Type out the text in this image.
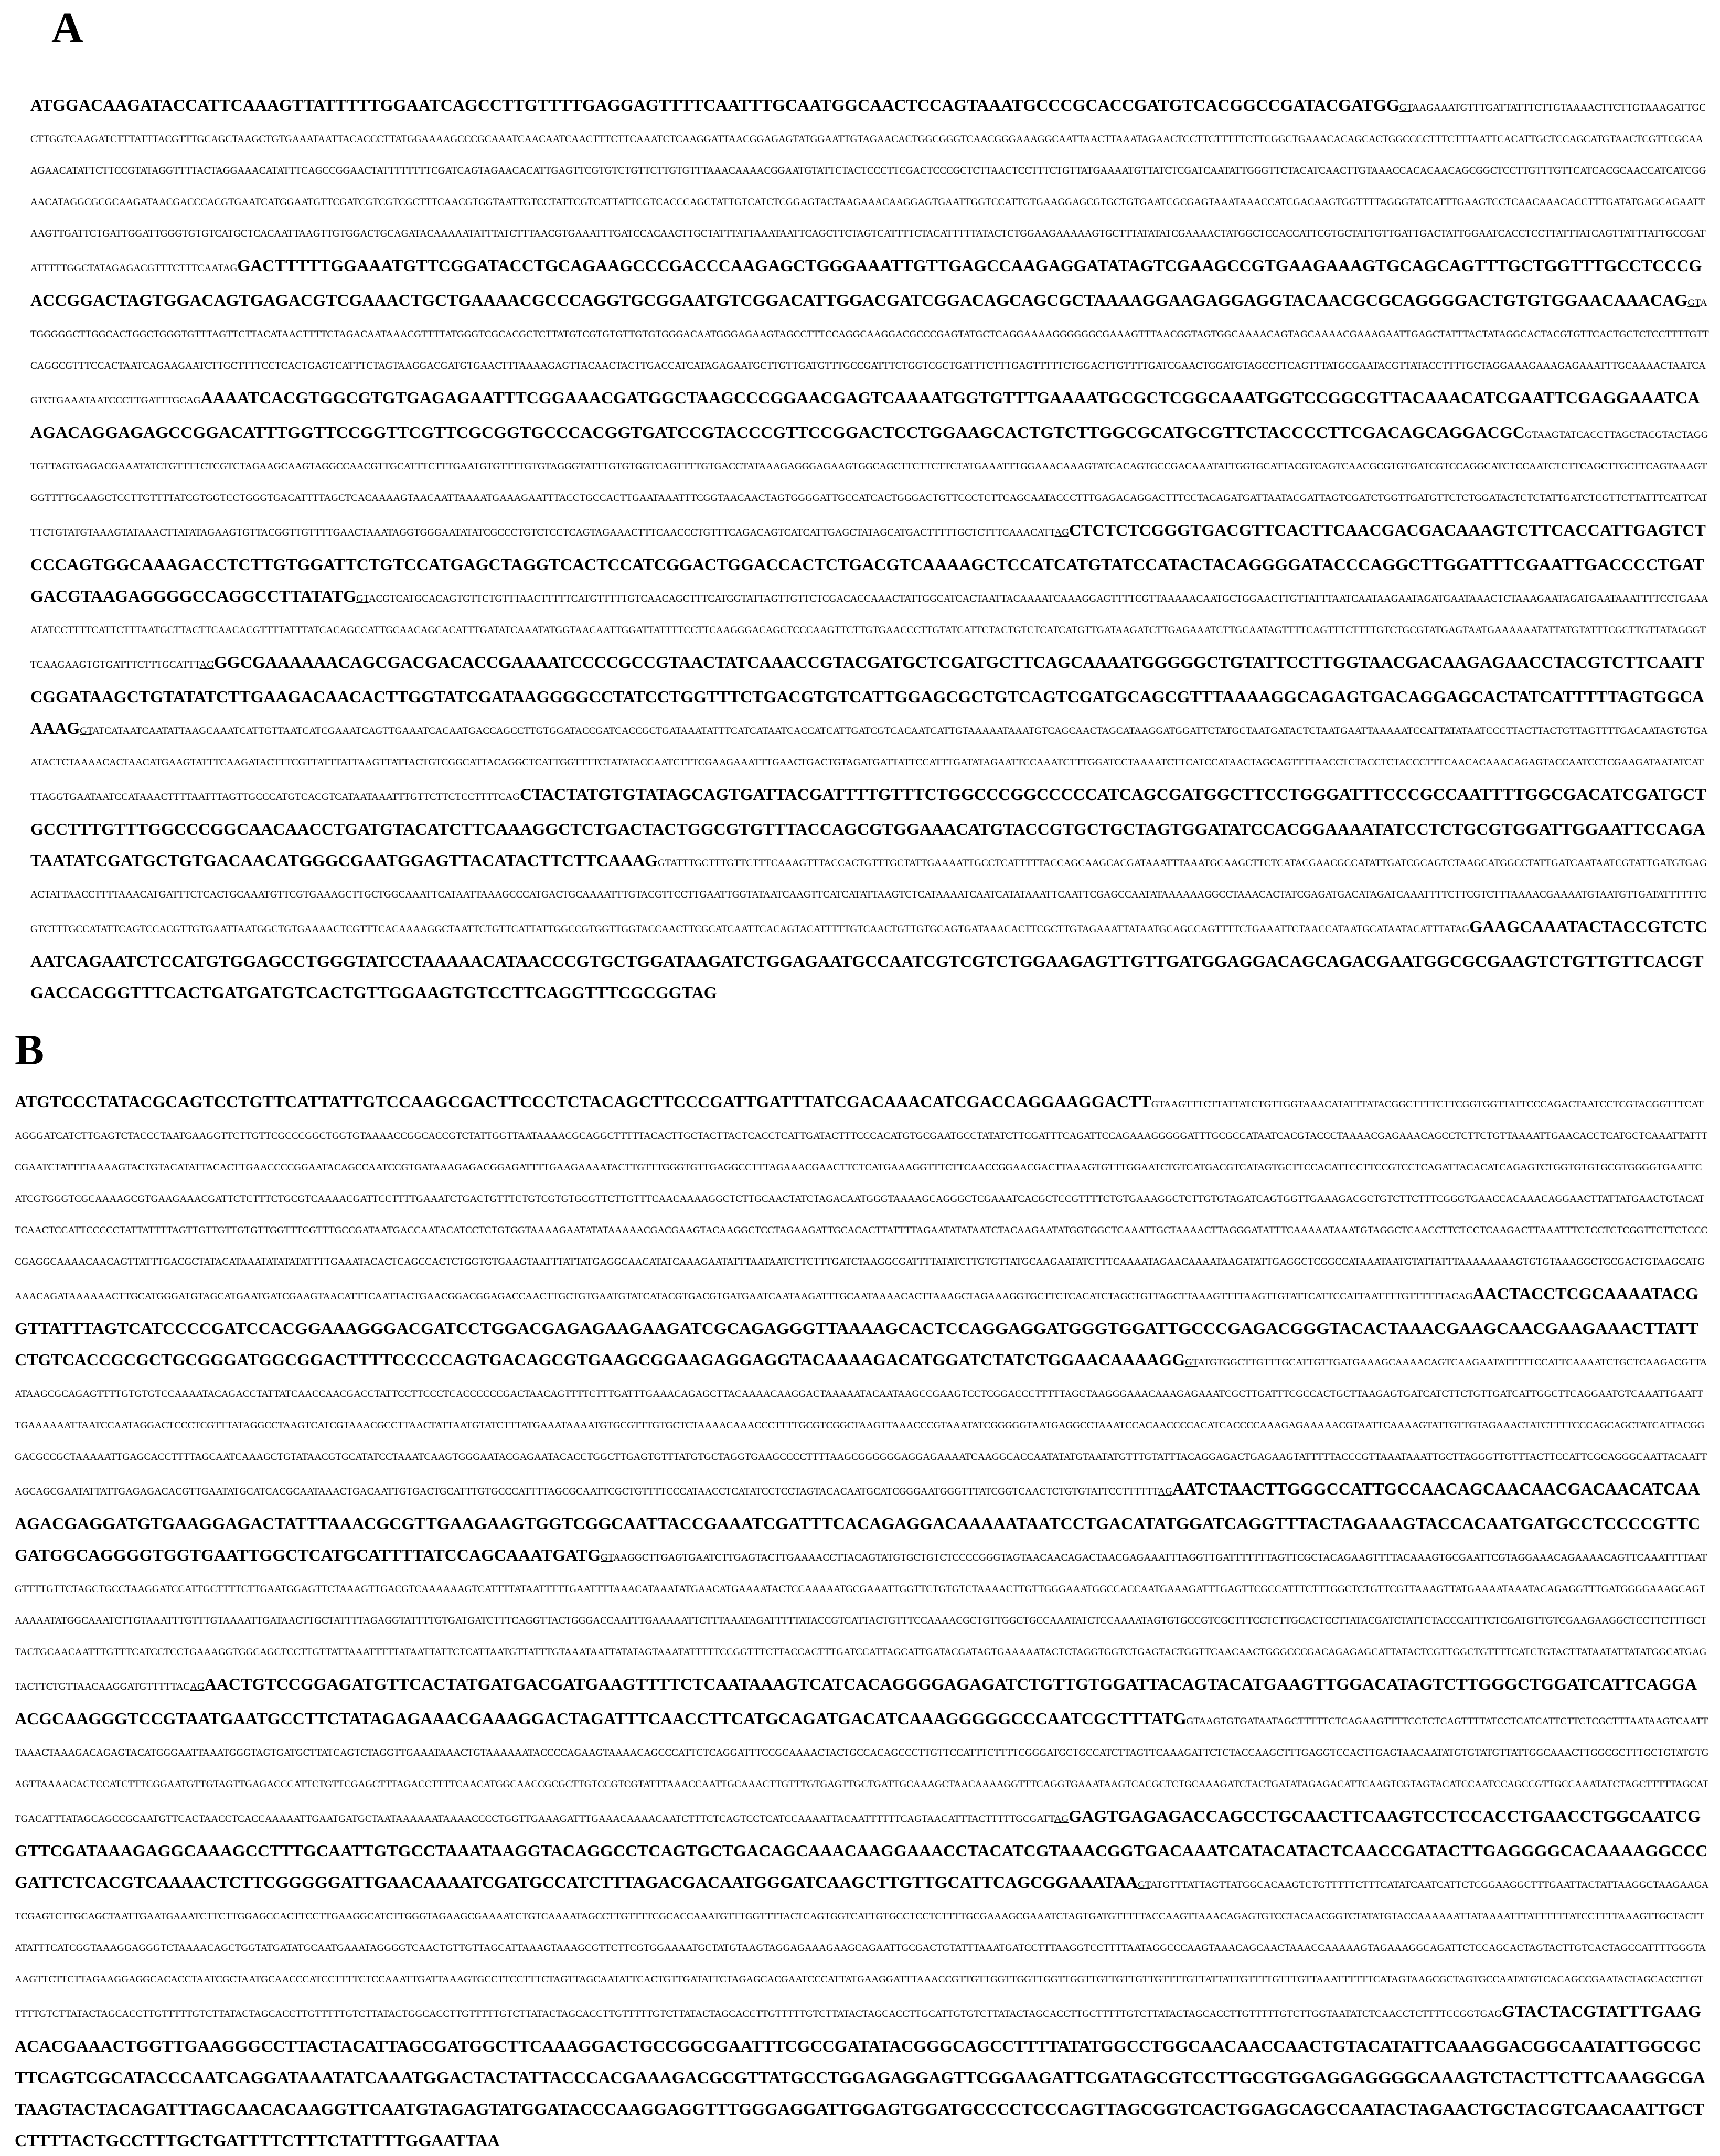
A

ATGGACAAGATACCATTCAAAGTTATTTTTGGAATCAGCCTTGTTTTGAGGAGTTTTCAATTTGCAATGGCAACTCCAGTAAATGCCCGCACCGATGTCACGGCCGATACGATGGGTAAGAAATGTTTGATTATTTCTTGTAAAACTTCTTGTAAAGATTGCCTTGGTCAAGATCTTTATTTACGTTTGCAGCTAAGCTGTGAAATAATTACACCCTTATGGAAAAGCCCGCAAATCAACAATCAACTTTCTTCAAATCTCAAGGATTAACGGAGAGTATGGAATTGTAGAACACTGGCGGGTCAACGGGAAAGGCAATTAACTTAAATAGAACTCCTTCTTTTTCTTCGGCTGAAACACAGCACTGGCCCCTTTCTTTAATTCACATTGCTCCAGCATGTAACTCGTTCGCAAAGAACATATTCTTCCGTATAGGTTTTACTAGGAAACATATTTCAGCCGGAACTATTTTTTTTCGATCAGTAGAACACATTGAGTTCGTGTCTGTTCTTGTGTTTAAACAAAACGGAATGTATTCTACTCCCTTCGACTCCCGCTCTTAACTCCTTTCTGTTATGAAAATGTTATCTCGATCAATATTGGGTTCTACATCAACTTGTAAACCACACAACAGCGGCTCCTTGTTTGTTCATCACGCAACCATCATCGGAACATAGGCGCGCAAGATAACGACCCACGTGAATCATGGAATGTTCGATCGTCGTCGCTTTCAACGTGGTAATTGTCCTATTCGTCATTATTCGTCACCCAGCTATTGTCATCTCGGAGTACTAAGAAACAAGGAGTGAATTGGTCCATTGTGAAGGAGCGTGCTGTGAATCGCGAGTAAATAAACCATCGACAAGTGGTTTTAGGGTATCATTTGAAGTCCTCAACAAACACCTTTGATATGAGCAGAATTAAGTTGATTCTGATTGGATTGGGTGTGTCATGCTCACAATTAAGTTGTGGACTGCAGATACAAAAATATTTATCTTTAACGTGAAATTTGATCCACAACTTGCTATTTATTAAATAATTCAGCTTCTAGTCATTTTCTACATTTTTATACTCTGGAAGAAAAAGTGCTTTATATATCGAAAACTATGGCTCCACCATTCGTGCTATTGTTGATTGACTATTGGAATCACCTCCTTATTTATCAGTTATTTATTGCCGATATTTTTGGCTATAGAGACGTTTCTTTCAATAGGACTTTTTGGAAATGTTCGGATACCTGCAGAAGCCCGACCCAAGAGCTGGGAAATTGTTGAGCCAAGAGGATATAGTCGAAGCCGTGAAGAAAGTGCAGCAGTTTGCTGGTTTGCCTCCCGACCGGACTAGTGGACAGTGAGACGTCGAAACTGCTGAAAACGCCCAGGTGCGGAATGTCGGACATTGGACGATCGGACAGCAGCGCTAAAAGGAAGAGGAGGTACAACGCGCAGGGGACTGTGTGGAACAAACAGGTATGGGGGCTTGGCACTGGCTGGGTGTTTAGTTCTTACATAACTTTTCTAGACAATAAACGTTTTATGGGTCGCACGCTCTTATGTCGTGTGTTGTGTGGGACAATGGGAGAAGTAGCCTTTCCAGGCAAGGACGCCCGAGTATGCTCAGGAAAAGGGGGGCGAAAGTTTAACGGTAGTGGCAAAACAGTAGCAAAACGAAAGAATTGAGCTATTTACTATAGGCACTACGTGTTCACTGCTCTCCTTTTGTTCAGGCGTTTCCACTAATCAGAAGAATCTTGCTTTTCCTCACTGAGTCATTTCTAGTAAGGACGATGTGAACTTTAAAAGAGTTACAACTACTTGACCATCATAGAGAATGCTTGTTGATGTTTGCCGATTTCTGGTCGCTGATTTCTTTGAGTTTTTCTGGACTTGTTTTGATCGAACTGGATGTAGCCTTCAGTTTATGCGAATACGTTATACCTTTTGCTAGGAAAGAAAGAGAAATTTGCAAAACTAATCAGTCTGAAATAATCCCTTGATTTGCAGAAAATCACGTGGCGTGTGAGAGAATTTCGGAAACGATGGCTAAGCCCGGAACGAGTCAAAATGGTGTTTGAAAATGCGCTCGGCAAATGGTCCGGCGTTACAAACATCGAATTCGAGGAAATCAAGACAGGAGAGCCGGACATTTGGTTCCGGTTCGTTCGCGGTGCCCACGGTGATCCGTACCCGTTCCGGACTCCTGGAAGCACTGTCTTGGCGCATGCGTTCTACCCCTTCGACAGCAGGACGCGTAAGTATCACCTTAGCTACGTACTAGGTGTTAGTGAGACGAAATATCTGTTTTCTCGTCTAGAAGCAAGTAGGCCAACGTTGCATTTCTTTGAATGTGTTTTGTGTAGGGTATTTGTGTGGTCAGTTTTGTGACCTATAAAGAGGGAGAAGTGGCAGCTTCTTCTTCTATGAAATTTGGAAACAAAGTATCACAGTGCCGACAAATATTGGTGCATTACGTCAGTCAACGCGTGTGATCGTCCAGGCATCTCCAATCTCTTCAGCTTGCTTCAGTAAAGTGGTTTTGCAAGCTCCTTGTTTTATCGTGGTCCTGGGTGACATTTTAGCTCACAAAAGTAACAATTAAAATGAAAGAATTTACCTGCCACTTGAATAAATTTCGGTAACAACTAGTGGGGATTGCCATCACTGGGACTGTTCCCTCTTCAGCAATACCCTTTGAGACAGGACTTTCCTACAGATGATTAATACGATTAGTCGATCTGGTTGATGTTCTCTGGATACTCTCTATTGATCTCGTTCTTATTTCATTCATTTCTGTATGTAAAGTATAAACTTATATAGAAGTGTTACGGTTGTTTTGAACTAAATAGGTGGGAATATATCGCCCTGTCTCCTCAGTAGAAACTTTCAACCCTGTTTCAGACAGTCATCATTGAGCTATAGCATGACTTTTTGCTCTTTCAAACATTAGCTCTCTCGGGTGACGTTCACTTCAACGACGACAAAGTCTTCACCATTGAGTCTCCCAGTGGCAAAGACCTCTTGTGGATTCTGTCCATGAGCTAGGTCACTCCATCGGACTGGACCACTCTGACGTCAAAAGCTCCATCATGTATCCATACTACAGGGGATACCCAGGCTTGGATTTCGAATTGACCCCTGATGACGTAAGAGGGGCCAGGCCTTATATGGTACGTCATGCACAGTGTTCTGTTTAACTTTTTCATGTTTTTGTCAACAGCTTTCATGGTATTAGTTGTTCTCGACACCAAACTATTGGCATCACTAATTACAAAATCAAAGGAGTTTTCGTTAAAAACAATGCTGGAACTTGTTATTTAATCAATAAGAATAGATGAATAAACTCTAAAGAATAGATGAATAAATTTTCCTGAAAATATCCTTTTCATTCTTTAATGCTTACTTCAACACGTTTTATTTATCACAGCCATTGCAACAGCACATTTGATATCAAATATGGTAACAATTGGATTATTTTCCTTCAAGGGACAGCTCCCAAGTTCTTGTGAACCCTTGTATCATTCTACTGTCTCATCATGTTGATAAGATCTTGAGAAATCTTGCAATAGTTTTCAGTTTCTTTTGTCTGCGTATGAGTAATGAAAAAATATTATGTATTTCGCTTGTTATAGGGTTCAAGAAGTGTGATTTCTTTGCATTTAGGGCGAAAAAACAGCGACGACACCGAAAATCCCCGCCGTAACTATCAAACCGTACGATGCTCGATGCTTCAGCAAAATGGGGGCTGTATTCCTTGGTAACGACAAGAGAACCTACGTCTTCAATTCGGATAAGCTGTATATCTTGAAGACAACACTTGGTATCGATAAGGGGCCTATCCTGGTTTCTGACGTGTCATTGGAGCGCTGTCAGTCGATGCAGCGTTTAAAAGGCAGAGTGACAGGAGCACTATCATTTTTAGTGGCAAAAGGTATCATAATCAATATTAAGCAAATCATTGTTAATCATCGAAATCAGTTGAAATCACAATGACCAGCCTTGTGGATACCGATCACCGCTGATAAATATTTCATCATAATCACCATCATTGATCGTCACAATCATTGTAAAAATAAATGTCAGCAACTAGCATAAGGATGGATTCTATGCTAATGATACTCTAATGAATTAAAAATCCATTATATAATCCCTTACTTACTGTTAGTTTTGACAATAGTGTGAATACTCTAAAACACTAACATGAAGTATTTCAAGATACTTTCGTTATTTATTAAGTTATTACTGTCGGCATTACAGGCTCATTGGTTTTCTATATACCAATCTTTCGAAGAAATTTGAACTGACTGTAGATGATTATTCCATTTGATATAGAATTCCAAATCTTTGGATCCTAAAATCTTCATCCATAACTAGCAGTTTTAACCTCTACCTCTACCCTTTCAACACAAACAGAGTACCAATCCTCGAAGATAATATCATTTAGGTGAATAATCCATAAACTTTTAATTTAGTTGCCCATGTCACGTCATAATAAATTTGTTCTTCTCCTTTTCAGCTACTATGTGTATAGCAGTGATTACGATTTTGTTTCTGGCCCGGCCCCCATCAGCGATGGCTTCCTGGGATTTCCCGCCAATTTTGGCGACATCGATGCTGCCTTTGTTTGGCCCGGCAACAACCTGATGTACATCTTCAAAGGCTCTGACTACTGGCGTGTTTACCAGCGTGGAAACATGTACCGTGCTGCTAGTGGATATCCACGGAAAATATCCTCTGCGTGGATTGGAATTCCAGATAATATCGATGCTGTGACAACATGGGCGAATGGAGTTACATACTTCTTCAAAGGTATTTGCTTTGTTCTTTCAAAGTTTACCACTGTTTGCTATTGAAAATTGCCTCATTTTTACCAGCAAGCACGATAAATTTAAATGCAAGCTTCTCATACGAACGCCATATTGATCGCAGTCTAAGCATGGCCTATTGATCAATAATCGTATTGATGTGAGACTATTAACCTTTTAAACATGATTTCTCACTGCAAATGTTCGTGAAAGCTTGCTGGCAAATTCATAATTAAAGCCCATGACTGCAAAATTTGTACGTTCCTTGAATTGGTATAATCAAGTTCATCATATTAAGTCTCATAAAATCAATCATATAAATTCAATTCGAGCCAATATAAAAAAGGCCTAAACACTATCGAGATGACATAGATCAAATTTTCTTCGTCTTTAAAACGAAAATGTAATGTTGATATTTTTTCGTCTTTGCCATATTCAGTCCACGTTGTGAATTAATGGCTGTGAAAACTCGTTTCACAAAAGGCTAATTCTGTTCATTATTGGCCGTGGTTGGTACCAACTTCGCATCAATTCACAGTACATTTTTGTCAACTGTTGTGCAGTGATAAACACTTCGCTTGTAGAAATTATAATGCAGCCAGTTTTCTGAAATTCTAACCATAATGCATAATACATTTATAGGAAGCAAATACTACCGTCTCAATCAGAATCTCCATGTGGAGCCTGGGTATCCTAAAAACATAACCCGTGCTGGATAAGATCTGGAGAATGCCAATCGTCGTCTGGAAGAGTTGTTGATGGAGGACAGCAGACGAATGGCGCGAAGTCTGTTGTTCACGTGACCACGGTTTCACTGATGATGTCACTGTTGGAAGTGTCCTTCAGGTTTCGCGGTAG

B

ATGTCCCTATACGCAGTCCTGTTCATTATTGTCCAAGCGACTTCCCTCTACAGCTTCCCGATTGATTTATCGACAAACATCGACCAGGAAGGACTTGTAAGTTTCTTATTATCTGTTGGTAAACATATTTATACGGCTTTTCTTCGGTGGTTATTCCCAGACTAATCCTCGTACGGTTTCATAGGGATCATCTTGAGTCTACCCTAATGAAGGTTCTTGTTCGCCCGGCTGGTGTAAAACCGGCACCGTCTATTGGTTAATAAAACGCAGGCTTTTTACACTTGCTACTTACTCACCTCATTGATACTTTCCCACATGTGCGAATGCCTATATCTTCGATTTCAGATTCCAGAAAGGGGGATTTGCGCCATAATCACGTACCCTAAAACGAGAAACAGCCTCTTCTGTTAAAATTGAACACCTCATGCTCAAATTATTTCGAATCTATTTTAAAAGTACTGTACATATTACACTTGAACCCCGGAATACAGCCAATCCGTGATAAAGAGACGGAGATTTTGAAGAAAATACTTGTTTGGGTGTTGAGGCCTTTAGAAACGAACTTCTCATGAAAGGTTTCTTCAACCGGAACGACTTAAAGTGTTTGGAATCTGTCATGACGTCATAGTGCTTCCACATTCCTTCCGTCCTCAGATTACACATCAGAGTCTGGTGTGTGCGTGGGGTGAATTCATCGTGGGTCGCAAAAGCGTGAAGAAACGATTCTCTTTCTGCGTCAAAACGATTCCTTTTGAAATCTGACTGTTTCTGTCGTGTGCGTTCTTGTTTCAACAAAAGGCTCTTGCAACTATCTAGACAATGGGTAAAAGCAGGGCTCGAAATCACGCTCCGTTTTCTGTGAAAGGCTCTTGTGTAGATCAGTGGTTGAAAGACGCTGTCTTCTTTCGGGTGAACCACAAACAGGAACTTATTATGAACTGTACATTCAACTCCATTCCCCCTATTATTTTAGTTGTTGTTGTGTTGGTTTCGTTTGCCGATAATGACCAATACATCCTCTGTGGTAAAAGAATATATAAAAACGACGAAGTACAAGGCTCCTAGAAGATTGCACACTTATTTTAGAATATATAATCTACAAGAATATGGTGGCTCAAATTGCTAAAACTTAGGGATATTTCAAAAATAAATGTAGGCTCAACCTTCTCCTCAAGACTTAAATTTCTCCTCTCGGTTCTTCTCCCCGAGGCAAAACAACAGTTATTTGACGCTATACATAAATATATATATTTTGAAATACACTCAGCCACTCTGGTGTGAAGTAATTTATTATGAGGCAACATATCAAAGAATATTTAATAATCTTCTTTGATCTAAGGCGATTTTATATCTTGTGTTATGCAAGAATATCTTTCAAAATAGAACAAAATAAGATATTGAGGCTCGGCCATAAATAATGTATTATTTAAAAAAAAGTGTGTAAAGGCTGCGACTGTAAGCATGAAACAGATAAAAAACTTGCATGGGATGTAGCATGAATGATCGAAGTAACATTTCAATTACTGAACGGACGGAGACCAACTTGCTGTGAATGTATCATACGTGACGTGATGAATCAATAAGATTTGCAATAAAACACTTAAAGCTAGAAAGGTGCTTCTCACATCTAGCTGTTAGCTTAAAGTTTTAAGTTGTATTCATTCCATTAATTTTGTTTTTTACAGAACTACCTCGCAAAATACGGTTATTTAGTCATCCCCGATCCACGGAAAGGGACGATCCTGGACGAGAGAAGAAGATCGCAGAGGGTTAAAAGCACTCCAGGAGGATGGGTGGATTGCCCGAGACGGGTACACTAAACGAAGCAACGAAGAAACTTATTCTGTCACCGCGCTGCGGGATGGCGGACTTTTCCCCCAGTGACAGCGTGAAGCGGAAGAGGAGGTACAAAAGACATGGATCTATCTGGAACAAAAGGGTATGTGGCTTGTTTGCATTGTTGATGAAAGCAAAACAGTCAAGAATATTTTTCCATTCAAAATCTGCTCAAGACGTTAATAAGCGCAGAGTTTTGTGTGTCCAAAATACAGACCTATTATCAACCAACGACCTATTCCTTCCCTCACCCCCCGACTAACAGTTTTCTTTGATTTGAAACAGAGCTTACAAAACAAGGACTAAAAATACAATAAGCCGAAGTCCTCGGACCCTTTTTAGCTAAGGGAAACAAAGAGAAATCGCTTGATTTCGCCACTGCTTAAGAGTGATCATCTTCTGTTGATCATTGGCTTCAGGAATGTCAAATTGAATTTGAAAAAATTAATCCAATAGGACTCCCTCGTTTATAGGCCTAAGTCATCGTAAACGCCTTAACTATTAATGTATCTTTATGAAATAAAATGTGCGTTTGTGCTCTAAAACAAACCCTTTTGCGTCGGCTAAGTTAAACCCGTAAATATCGGGGGTAATGAGGCCTAAATCCACAACCCCACATCACCCCAAAGAGAAAAACGTAATTCAAAAGTATTGTTGTAGAAACTATCTTTTCCCAGCAGCTATCATTACGGGACGCCGCTAAAAATTGAGCACCTTTTAGCAATCAAAGCTGTATAACGTGCATATCCTAAATCAAGTGGGAATACGAGAATACACCTGGCTTGAGTGTTTATGTGCTAGGTGAAGCCCCTTTTAAGCGGGGGGAGGAGAAAATCAAGGCACCAATATATGTAATATGTTTGTATTTACAGGAGACTGAGAAGTATTTTTACCCGTTAAATAAATTGCTTAGGGTTGTTTACTTCCATTCGCAGGGCAATTACAATTAGCAGCGAATATTATTGAGAGACACGTTGAATATGCATCACGCAATAAACTGACAATTGTGACTGCATTTGTGCCCATTTTAGCGCAATTCGCTGTTTTCCCATAACCTCATATCCTCCTAGTACACAATGCATCGGGAATGGGTTTATCGGTCAACTCTGTGTATTCCTTTTTTAGAATCTAACTTGGGCCATTGCCAACAGCAACAACGACAACATCAAAGACGAGGATGTGAAGGAGACTATTTAAACGCGTTGAAGAAGTGGTCGGCAATTACCGAAATCGATTTCACAGAGGACAAAAATAATCCTGACATATGGATCAGGTTTACTAGAAAGTACCACAATGATGCCTCCCCGTTCGATGGCAGGGGTGGTGAATTGGCTCATGCATTTTATCCAGCAAATGATGGTAAGGCTTGAGTGAATCTTGAGTACTTGAAAACCTTACAGTATGTGCTGTCTCCCCGGGTAGTAACAACAGACTAACGAGAAATTTAGGTTGATTTTTTTAGTTCGCTACAGAAGTTTTACAAAGTGCGAATTCGTAGGAAACAGAAAACAGTTCAAATTTTAATGTTTTGTTCTAGCTGCCTAAGGATCCATTGCTTTTCTTGAATGGAGTTCTAAAGTTGACGTCAAAAAAGTCATTTTATAATTTTTGAATTTTAAACATAAATATGAACATGAAAATACTCCAAAAATGCGAAATTGGTTCTGTGTCTAAAACTTGTTGGGAAATGGCCACCAATGAAAGATTTGAGTTCGCCATTTCTTTGGCTCTGTTCGTTAAAGTTATGAAAATAAATACAGAGGTTTGATGGGGAAAGCAGTAAAAATATGGCAAATCTTGTAAATTTGTTTGTAAAATTGATAACTTGCTATTTTAGAGGTATTTTGTGATGATCTTTCAGGTTACTGGGACCAATTTGAAAAATTCTTTAAATAGATTTTTATACCGTCATTACTGTTTCCAAAACGCTGTTGGCTGCCAAATATCTCCAAAATAGTGTGCCGTCGCTTTCCTCTTGCACTCCTTATACGATCTATTCTACCCATTTCTCGATGTTGTCGAAGAAGGCTCCTTCTTTGCTTACTGCAACAATTTGTTTCATCCTCCTGAAAGGTGGCAGCTCCTTGTTATTAAATTTTTATAATTATTCTCATTAATGTTATTTGTAAATAATTATATAGTAAATATTTTTCCGGTTTCTTACCACTTTGATCCATTAGCATTGATACGATAGTGAAAAATACTCTAGGTGGTCTGAGTACTGGTTCAACAACTGGGCCCGACAGAGAGCATTATACTCGTTGGCTGTTTTCATCTGTACTTATAATATTATATGGCATGAGTACTTCTGTTAACAAGGATGTTTTTACAGAACTGTCCGGAGATGTTCACTATGATGACGATGAAGTTTTCTCAATAAAGTCATCACAGGGGAGAGATCTGTTGTGGATTACAGTACATGAAGTTGGACATAGTCTTGGGCTGGATCATTCAGGAACGCAAGGGTCCGTAATGAATGCCTTCTATAGAGAAACGAAAGGACTAGATTTCAACCTTCATGCAGATGACATCAAAGGGGGCCCAATCGCTTTATGGTAAGTGTGATAATAGCTTTTTCTCAGAAGTTTTCCTCTCAGTTTTATCCTCATCATTCTTCTCGCTTTAATAAGTCAATTTAAACTAAAGACAGAGTACATGGGAATTAAATGGGTAGTGATGCTTATCAGTCTAGGTTGAAATAAACTGTAAAAAATACCCCAGAAGTAAAACAGCCCATTCTCAGGATTTCCGCAAAACTACTGCCACAGCCCTTGTTCCATTTCTTTTCGGGATGCTGCCATCTTAGTTCAAAGATTCTCTACCAAGCTTTGAGGTCCACTTGAGTAACAATATGTGTATGTTATTGGCAAACTTGGCGCTTTGCTGTATGTGAGTTAAAACACTCCATCTTTCGGAATGTTGTAGTTGAGACCCATTCTGTTCGAGCTTTAGACCTTTTCAACATGGCAACCGCGCTTGTCCGTCGTATTTAAACCAATTGCAAACTTGTTTGTGAGTTGCTGATTGCAAAGCTAACAAAAGGTTTCAGGTGAAATAAGTCACGCTCTGCAAAGATCTACTGATATAGAGACATTCAAGTCGTAGTACATCCAATCCAGCCGTTGCCAAATATCTAGCTTTTTAGCATTGACATTTATAGCAGCCGCAATGTTCACTAACCTCACCAAAAATTGAATGATGCTAATAAAAAATAAAACCCCTGGTTGAAAGATTTGAAACAAAACAATCTTTCTCAGTCCTCATCCAAAATTACAATTTTTTCAGTAACATTTACTTTTTGCGATTAGGAGTGAGAGACCAGCCTGCAACTTCAAGTCCTCCACCTGAACCTGGCAATCGGTTCGATAAAGAGGCAAAGCCTTTGCAATTGTGCCTAAATAAGGTACAGGCCTCAGTGCTGACAGCAAACAAGGAAACCTACATCGTAAACGGTGACAAATCATACATACTCAACCGATACTTGAGGGGCACAAAAGGCCCGATTCTCACGTCAAAACTCTTCGGGGGATTGAACAAAATCGATGCCATCTTTAGACGACAATGGGATCAAGCTTGTTGCATTCAGCGGAAATAAGTATGTTTATTAGTTATGGCACAAGTCTGTTTTTCTTTCATATCAATCATTCTCGGAAGGCTTTGAATTACTATTAAGGCTAAGAAGATCGAGTCTTGCAGCTAATTGAATGAAATCTTCTTGGAGCCACTTCCTTGAAGGCATCTTGGGTAGAAGCGAAAATCTGTCAAAATAGCCTTGTTTTCGCACCAAATGTTTGGTTTTACTCAGTGGTCATTGTGCCTCCTCTTTTGCGAAAGCGAAATCTAGTGATGTTTTTACCAAGTTAAACAGAGTGTCCTACAACGGTCTATATGTACCAAAAAATTATAAAATTTATTTTTTATCCTTTTAAAGTTGCTACTTATATTTCATCGGTAAAGGAGGGTCTAAAACAGCTGGTATGATATGCAATGAAATAGGGGTCAACTGTTGTTAGCATTAAAGTAAAGCGTTCTTCGTGGAAAATGCTATGTAAGTAGGAGAAAGAAGCAGAATTGCGACTGTATTTAAATGATCCTTTAAGGTCCTTTTAATAGGCCCAAGTAAACAGCAACTAAACCAAAAAGTAGAAAGGCAGATTCTCCAGCACTAGTACTTGTCACTAGCCATTTTGGGTAAAGTTCTTCTTAGAAGGAGGCACACCTAATCGCTAATGCAACCCATCCTTTTCTCCAAATTGATTAAAGTGCCTTCCTTTCTAGTTAGCAATATTCACTGTTGATATTCTAGAGCACGAATCCCATTATGAAGGATTTAAACCGTTGTTGGTTGGTTGGTTGGTTGTTGTTGTTGTTTTGTTATTATTGTTTTGTTTGTTAAATTTTTTCATAGTAAGCGCTAGTGCCAATATGTCACAGCCGAATACTAGCACCTTGTTTTTGTCTTATACTAGCACCTTGTTTTTGTCTTATACTAGCACCTTGTTTTTGTCTTATACTGGCACCTTGTTTTTGTCTTATACTAGCACCTTGTTTTTGTCTTATACTAGCACCTTGTTTTTGTCTTATACTAGCACCTTGCATTGTGTCTTATACTAGCACCTTGCTTTTTGTCTTATACTAGCACCTTGTTTTTGTCTTGGTAATATCTCAACCTCTTTTCCGGTGAGGTACTACGTATTTGAAGACACGAAACTGGTTGAAGGGCCTTACTACATTAGCGATGGCTTCAAAGGACTGCCGGCGAATTTCGCCGATATACGGGCAGCCTTTTATATGGCCTGGCAACAACCAACTGTACATATTCAAAGGACGGCAATATTGGCGCTTCAGTCGCATACCCAATCAGGATAAATATCAAATGGACTACTATTACCCACGAAAGACGCGTTATGCCTGGAGAGGAGTTCGGAAGATTCGATAGCGTCCTTGCGTGGAGGAGGGGCAAAGTCTACTTCTTCAAAGGCGATAAGTACTACAGATTTAGCAACACAAGGTTCAATGTAGAGTATGGATACCCAAGGAGGTTTGGGAGGATTGGAGTGGATGCCCCTCCCAGTTAGCGGTCACTGGAGCAGCCAATACTAGAACTGCTACGTCAACAATTGCTCTTTTACTGCCTTTGCTGATTTTCTTTCTATTTTGGAATTAA
